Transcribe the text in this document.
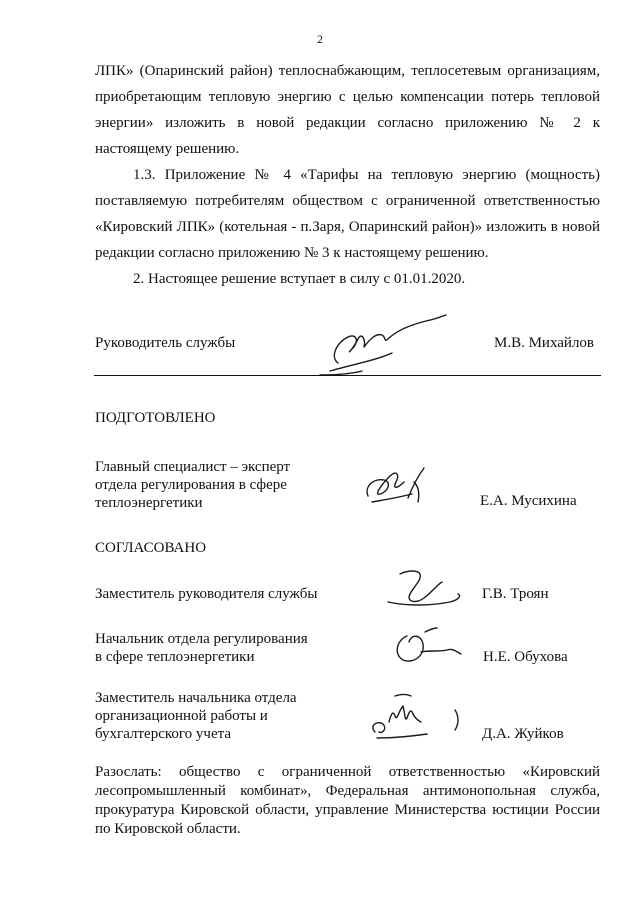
2
ЛПК» (Опаринский район) теплоснабжающим, теплосетевым организациям, приобретающим тепловую энергию с целью компенсации потерь тепловой энергии» изложить в новой редакции согласно приложению № 2 к настоящему решению.
1.3. Приложение № 4 «Тарифы на тепловую энергию (мощность) поставляемую потребителям обществом с ограниченной ответственностью «Кировский ЛПК» (котельная - п.Заря, Опаринский район)» изложить в новой редакции согласно приложению № 3 к настоящему решению.
2. Настоящее решение вступает в силу с 01.01.2020.
Руководитель службы	М.В. Михайлов
ПОДГОТОВЛЕНО
Главный специалист – эксперт
отдела регулирования в сфере
теплоэнергетики	Е.А. Мусихина
СОГЛАСОВАНО
Заместитель руководителя службы	Г.В. Троян
Начальник отдела регулирования
в сфере теплоэнергетики	Н.Е. Обухова
Заместитель начальника отдела
организационной работы и
бухгалтерского учета	Д.А. Жуйков
Разослать: общество с ограниченной ответственностью «Кировский лесопромышленный комбинат», Федеральная антимонопольная служба, прокуратура Кировской области, управление Министерства юстиции России по Кировской области.
